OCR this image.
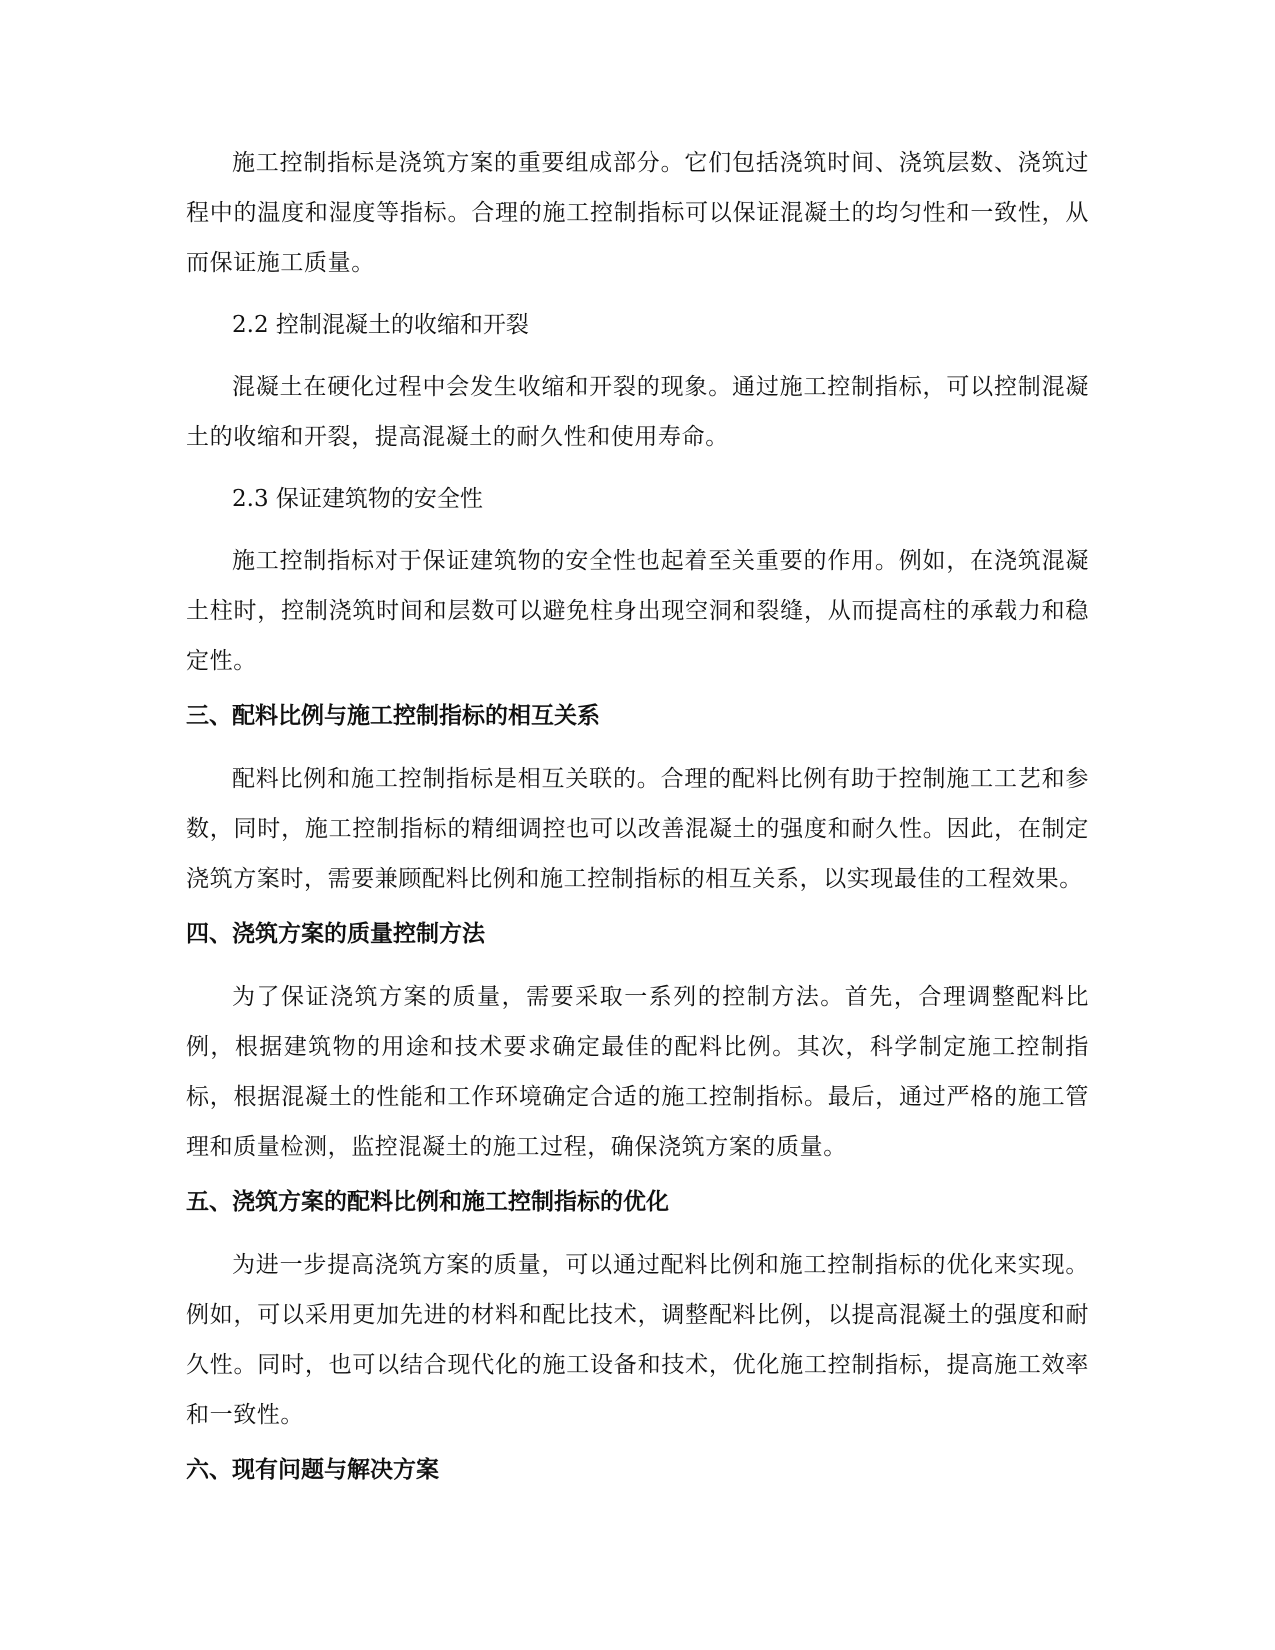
施工控制指标是浇筑方案的重要组成部分。它们包括浇筑时间、浇筑层数、浇筑过程中的温度和湿度等指标。合理的施工控制指标可以保证混凝土的均匀性和一致性，从而保证施工质量。

2.2 控制混凝土的收缩和开裂

混凝土在硬化过程中会发生收缩和开裂的现象。通过施工控制指标，可以控制混凝土的收缩和开裂，提高混凝土的耐久性和使用寿命。

2.3 保证建筑物的安全性

施工控制指标对于保证建筑物的安全性也起着至关重要的作用。例如，在浇筑混凝土柱时，控制浇筑时间和层数可以避免柱身出现空洞和裂缝，从而提高柱的承载力和稳定性。

三、配料比例与施工控制指标的相互关系

配料比例和施工控制指标是相互关联的。合理的配料比例有助于控制施工工艺和参数，同时，施工控制指标的精细调控也可以改善混凝土的强度和耐久性。因此，在制定浇筑方案时，需要兼顾配料比例和施工控制指标的相互关系，以实现最佳的工程效果。

四、浇筑方案的质量控制方法

为了保证浇筑方案的质量，需要采取一系列的控制方法。首先，合理调整配料比例，根据建筑物的用途和技术要求确定最佳的配料比例。其次，科学制定施工控制指标，根据混凝土的性能和工作环境确定合适的施工控制指标。最后，通过严格的施工管理和质量检测，监控混凝土的施工过程，确保浇筑方案的质量。

五、浇筑方案的配料比例和施工控制指标的优化

为进一步提高浇筑方案的质量，可以通过配料比例和施工控制指标的优化来实现。例如，可以采用更加先进的材料和配比技术，调整配料比例，以提高混凝土的强度和耐久性。同时，也可以结合现代化的施工设备和技术，优化施工控制指标，提高施工效率和一致性。

六、现有问题与解决方案
